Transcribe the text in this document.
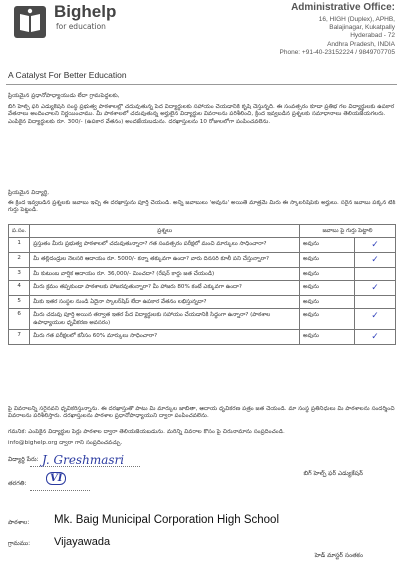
Bighelp
for education
A Catalyst For Better Education
Administrative Office:
16, HIGH (Duplex), APHB,
Balajinagar, Kukatpally
Hyderabad - 72
Andhra Pradesh, INDIA
Phone: +91-40-23152224 / 9849707705
ప్రియమైన ప్రధానోపాధ్యాయుడు లేదా గ్రామపెద్దలకు,
బిగ్ హెల్ప్ ఫర్ ఎడ్యుకేషన్ సంస్థ ప్రభుత్వ పాఠశాలల్లో చదువుతున్న పేద విద్యార్థులకు సహాయం చేయడానికి కృషి చేస్తున్నది. ఈ సంవత్సరం కూడా ప్రతిభ గల విద్యార్థులకు ఉపకార వేతనాలు అందించాలని నిర్ణయించాము. మీ పాఠశాలలో చదువుతున్న అర్హులైన విద్యార్థుల వివరాలను పరిశీలించి, క్రింద ఇవ్వబడిన ప్రశ్నలకు సమాధానాలు తెలియజేయగలరు. ఎంపికైన విద్యార్థులకు రూ. 300/- (ఉపకార వేతనం) అందజేయబడును. దరఖాస్తులను 10 రోజులలోగా పంపించవలెను.
ప్రియమైన విద్యార్థి,
ఈ క్రింద ఇవ్వబడిన ప్రశ్నలకు జవాబు ఇచ్చి ఈ దరఖాస్తును పూర్తి చేయండి. అన్ని జవాబులు 'అవును' అయితే మాత్రమే మీరు ఈ స్కాలర్‌షిప్‌కు అర్హులు. సరైన జవాబు పక్కన టిక్ గుర్తు పెట్టండి.
ప.సం.	ప్రశ్నలు	జవాబు పై గుర్తు పెట్టాలి	
1	ప్రస్తుతం మీరు ప్రభుత్వ పాఠశాలలో చదువుతున్నారా? గత సంవత్సరం పరీక్షలో మంచి మార్కులు సాధించారా?	అవును	✓
2	మీ తల్లిదండ్రుల నెలసరి ఆదాయం రూ. 5000/- కన్నా తక్కువగా ఉందా? వారు దినసరి కూలీ పని చేస్తున్నారా?	అవును	✓
3	మీ కుటుంబ వార్షిక ఆదాయం రూ. 36,000/- మించదా? (రేషన్ కార్డు జత చేయండి)	అవును	
4	మీరు క్రమం తప్పకుండా పాఠశాలకు హాజరవుతున్నారా? మీ హాజరు 80% కంటే ఎక్కువగా ఉందా?	అవును	✓
5	మీకు ఇతర సంస్థల నుండి ఏదైనా స్కాలర్‌షిప్ లేదా ఉపకార వేతనం లభిస్తున్నదా?	అవును	
6	మీరు చదువు పూర్తి అయిన తర్వాత ఇతర పేద విద్యార్థులకు సహాయం చేయడానికి సిద్ధంగా ఉన్నారా? (పాఠశాల ఉపాధ్యాయుల ధృవీకరణ అవసరం)	అవును	✓
7	మీరు గత పరీక్షలలో కనీసం 60% మార్కులు సాధించారా?	అవును	✓
పై వివరాలన్నీ సరైనవని ధృవీకరిస్తున్నాను. ఈ దరఖాస్తుతో పాటు మీ మార్కుల జాబితా, ఆదాయ ధృవీకరణ పత్రం జత చేయండి. మా సంస్థ ప్రతినిధులు మీ పాఠశాలను సందర్శించి వివరాలను పరిశీలిస్తారు. దరఖాస్తులను పాఠశాల ప్రధానోపాధ్యాయుని ద్వారా పంపించవలెను.
గమనిక: ఎంపికైన విద్యార్థుల పేర్లు పాఠశాల ద్వారా తెలియజేయబడును. మరిన్ని వివరాల కోసం పై చిరునామాను సంప్రదించండి.
info@bighelp.org ద్వారా గాని సంప్రదించవచ్చు.
విద్యార్థి పేరు: J. Greshmasri
తరగతి:	VI
పాఠశాల: Mk. Baig Municipal Corporation High School
గ్రామము: Vijayawada
బిగ్ హెల్ప్ ఫర్ ఎడ్యుకేషన్
హెడ్ మాస్టర్ సంతకం
